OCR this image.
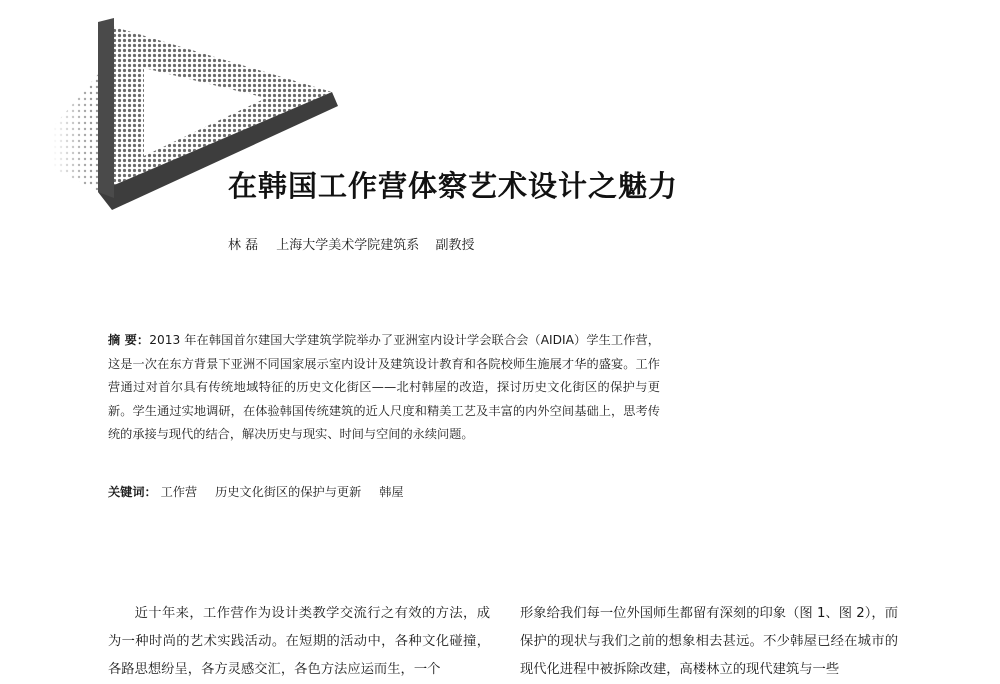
在韩国工作营体察艺术设计之魅力
林 磊 上海大学美术学院建筑系 副教授

摘 要：2013 年在韩国首尔建国大学建筑学院举办了亚洲室内设计学会联合会（AIDIA）学生工作营，这是一次在东方背景下亚洲不同国家展示室内设计及建筑设计教育和各院校师生施展才华的盛宴。工作营通过对首尔具有传统地域特征的历史文化街区——北村韩屋的改造，探讨历史文化街区的保护与更新。学生通过实地调研，在体验韩国传统建筑的近人尺度和精美工艺及丰富的内外空间基础上，思考传统的承接与现代的结合，解决历史与现实、时间与空间的永续问题。

关键词： 工作营 历史文化街区的保护与更新 韩屋

近十年来，工作营作为设计类教学交流行之有效的方法，成为一种时尚的艺术实践活动。在短期的活动中，各种文化碰撞，各路思想纷呈，各方灵感交汇，各色方法应运而生，一个

形象给我们每一位外国师生都留有深刻的印象（图 1、图 2），而保护的现状与我们之前的想象相去甚远。不少韩屋已经在城市的现代化进程中被拆除改建，高楼林立的现代建筑与一些
